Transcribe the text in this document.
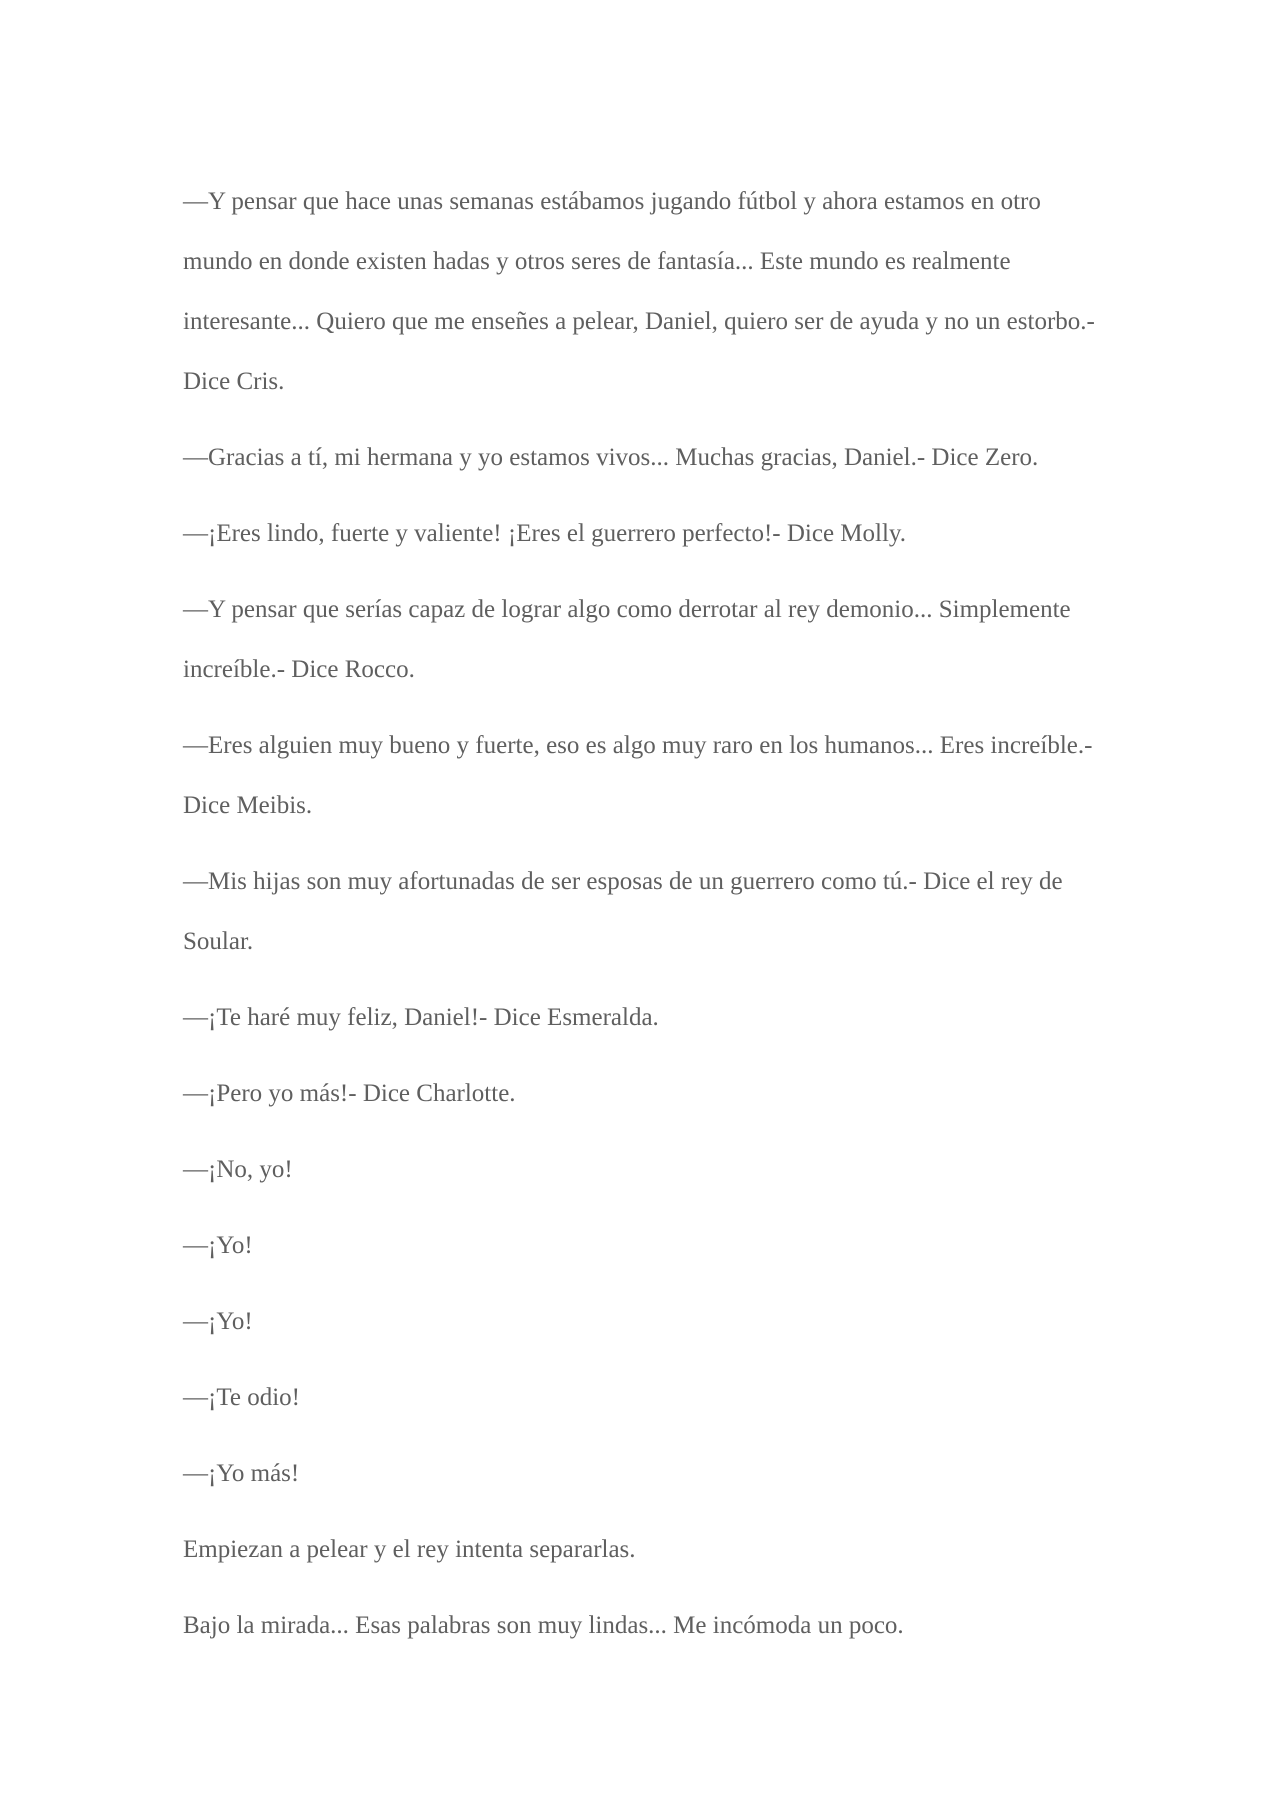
—Y pensar que hace unas semanas estábamos jugando fútbol y ahora estamos en otro mundo en donde existen hadas y otros seres de fantasía... Este mundo es realmente interesante... Quiero que me enseñes a pelear, Daniel, quiero ser de ayuda y no un estorbo.- Dice Cris.

—Gracias a tí, mi hermana y yo estamos vivos... Muchas gracias, Daniel.- Dice Zero.

—¡Eres lindo, fuerte y valiente! ¡Eres el guerrero perfecto!- Dice Molly.

—Y pensar que serías capaz de lograr algo como derrotar al rey demonio... Simplemente increíble.- Dice Rocco.

—Eres alguien muy bueno y fuerte, eso es algo muy raro en los humanos... Eres increíble.- Dice Meibis.

—Mis hijas son muy afortunadas de ser esposas de un guerrero como tú.- Dice el rey de Soular.

—¡Te haré muy feliz, Daniel!- Dice Esmeralda.

—¡Pero yo más!- Dice Charlotte.

—¡No, yo!

—¡Yo!

—¡Yo!

—¡Te odio!

—¡Yo más!

Empiezan a pelear y el rey intenta separarlas.

Bajo la mirada... Esas palabras son muy lindas... Me incómoda un poco.
